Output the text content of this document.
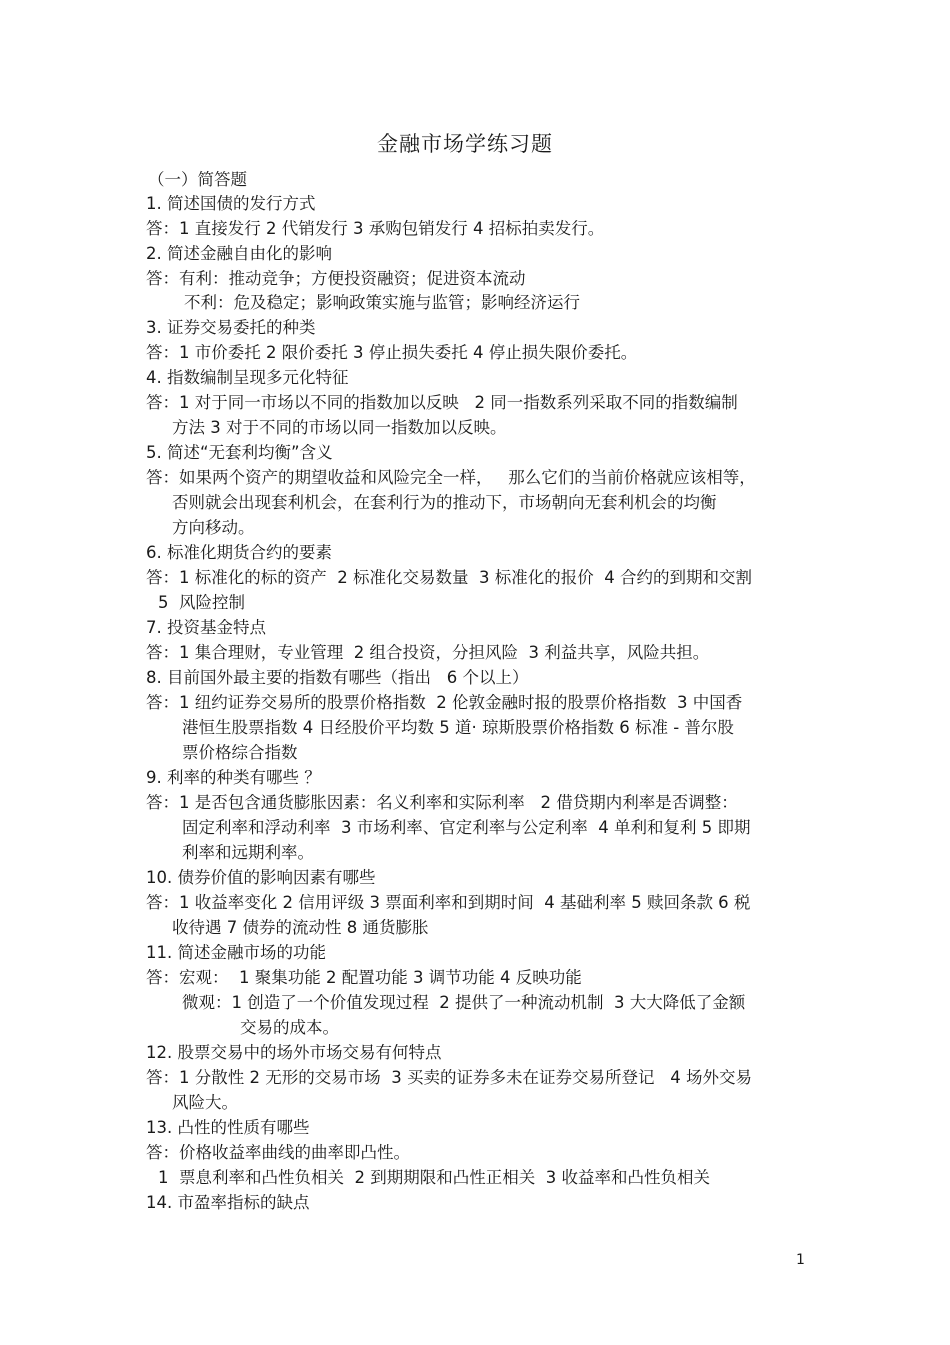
金融市场学练习题
（一）简答题
1. 简述国债的发行方式
答：1 直接发行 2 代销发行 3 承购包销发行 4 招标拍卖发行。
2. 简述金融自由化的影响
答：有利：推动竞争；方便投资融资；促进资本流动
不利：危及稳定；影响政策实施与监管；影响经济运行
3. 证券交易委托的种类
答：1 市价委托 2 限价委托 3 停止损失委托 4 停止损失限价委托。
4. 指数编制呈现多元化特征
答：1 对于同一市场以不同的指数加以反映   2 同一指数系列采取不同的指数编制
方法 3 对于不同的市场以同一指数加以反映。
5. 简述“无套利均衡”含义
答：如果两个资产的期望收益和风险完全一样，   那么它们的当前价格就应该相等，
否则就会出现套利机会，在套利行为的推动下，市场朝向无套利机会的均衡
方向移动。
6. 标准化期货合约的要素
答：1 标准化的标的资产  2 标准化交易数量  3 标准化的报价  4 合约的到期和交割
5  风险控制
7. 投资基金特点
答：1 集合理财，专业管理  2 组合投资，分担风险  3 利益共享，风险共担。
8. 目前国外最主要的指数有哪些（指出   6 个以上）
答：1 纽约证券交易所的股票价格指数  2 伦敦金融时报的股票价格指数  3 中国香
港恒生股票指数 4 日经股价平均数 5 道· 琼斯股票价格指数 6 标准 - 普尔股
票价格综合指数
9. 利率的种类有哪些 ？
答：1 是否包含通货膨胀因素：名义利率和实际利率   2 借贷期内利率是否调整：
固定利率和浮动利率  3 市场利率、官定利率与公定利率  4 单利和复利 5 即期
利率和远期利率。
10. 债券价值的影响因素有哪些
答：1 收益率变化 2 信用评级 3 票面利率和到期时间  4 基础利率 5 赎回条款 6 税
收待遇 7 债券的流动性 8 通货膨胀
11. 简述金融市场的功能
答：宏观：  1 聚集功能 2 配置功能 3 调节功能 4 反映功能
微观：1 创造了一个价值发现过程  2 提供了一种流动机制  3 大大降低了金额
交易的成本。
12. 股票交易中的场外市场交易有何特点
答：1 分散性 2 无形的交易市场  3 买卖的证券多未在证券交易所登记   4 场外交易
风险大。
13. 凸性的性质有哪些
答：价格收益率曲线的曲率即凸性。
1  票息利率和凸性负相关  2 到期期限和凸性正相关  3 收益率和凸性负相关
14. 市盈率指标的缺点
1
